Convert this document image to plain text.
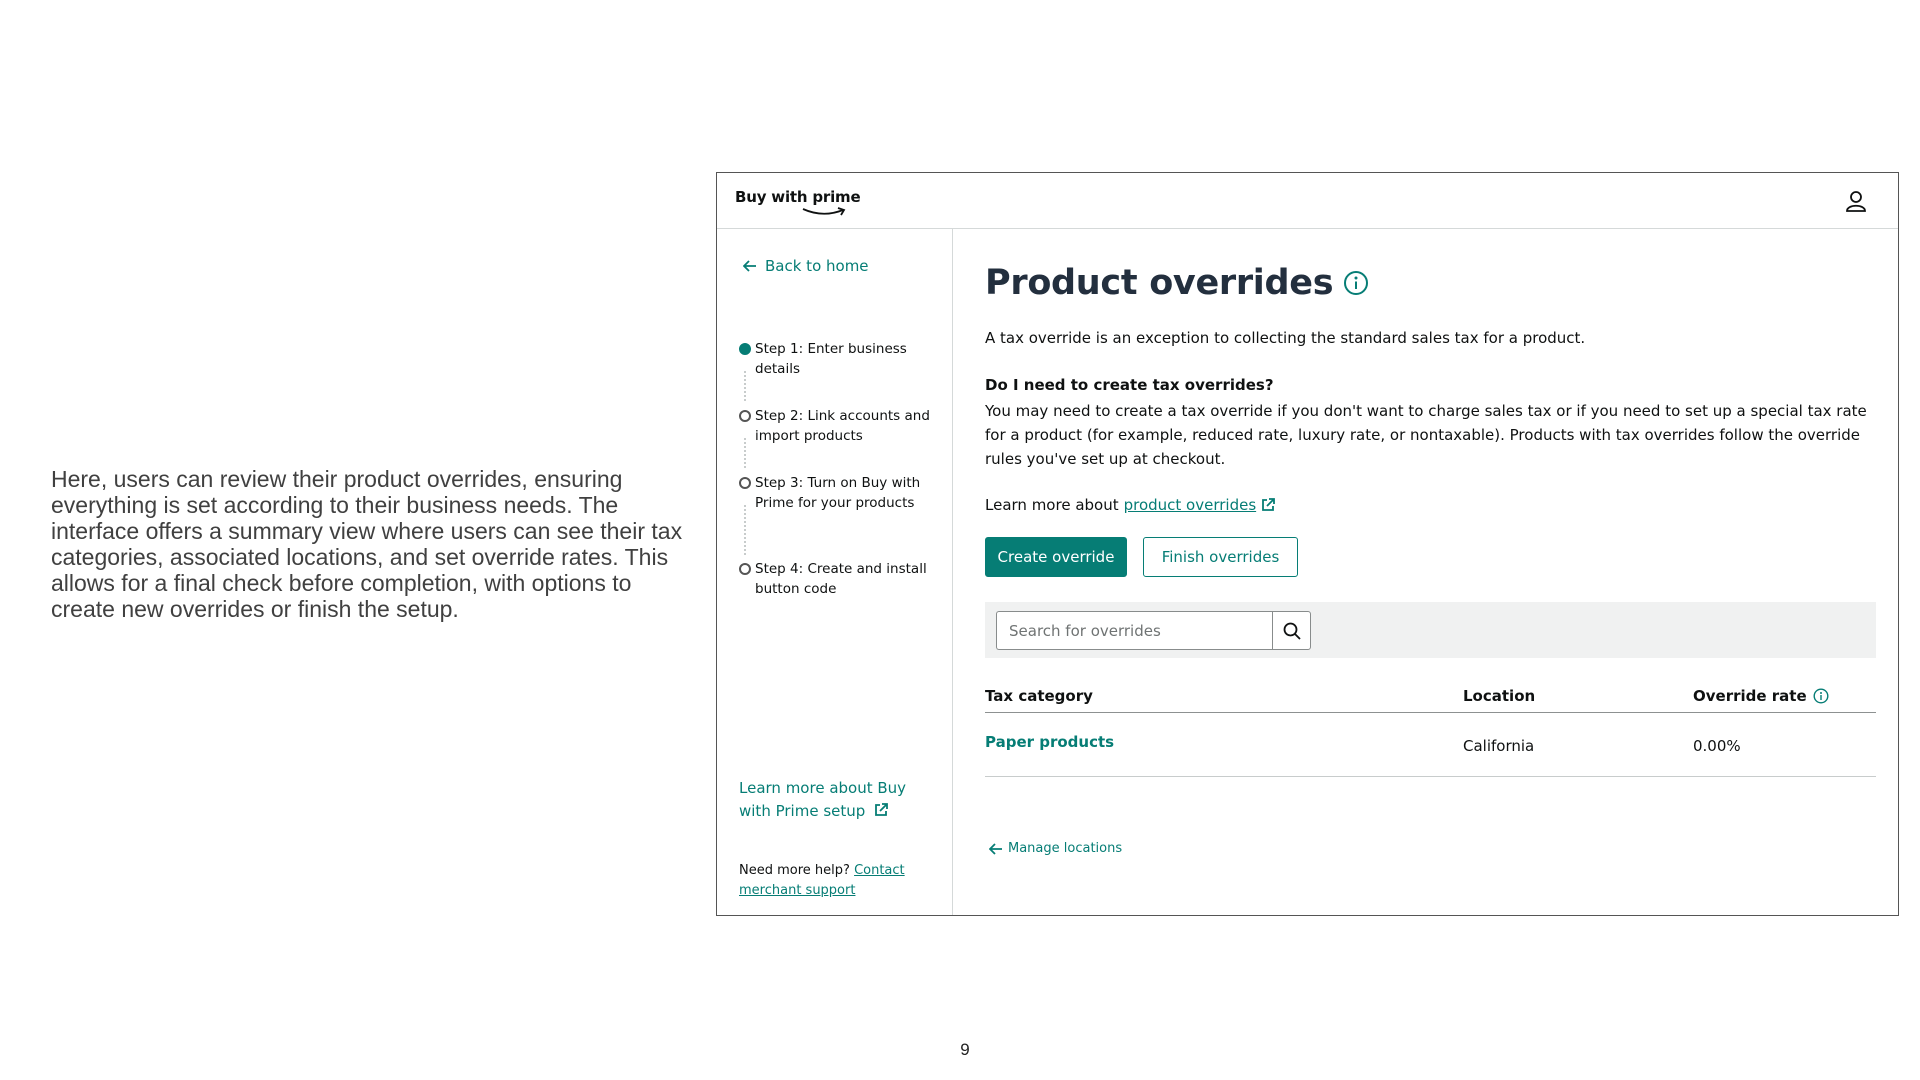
Here, users can review their product overrides, ensuring everything is set according to their business needs. The interface offers a summary view where users can see their tax categories, associated locations, and set override rates. This allows for a final check before completion, with options to create new overrides or finish the setup.
9
Buy with prime
Back to home
Step 1: Enter business details
Step 2: Link accounts and import products
Step 3: Turn on Buy with Prime for your products
Step 4: Create and install button code
Learn more about Buy with Prime setup
Need more help? Contact merchant support
Product overrides
A tax override is an exception to collecting the standard sales tax for a product.
Do I need to create tax overrides?
You may need to create a tax override if you don't want to charge sales tax or if you need to set up a special tax rate for a product (for example, reduced rate, luxury rate, or nontaxable). Products with tax overrides follow the override rules you've set up at checkout.
Learn more about product overrides
Create override	Finish overrides
Search for overrides
Tax category	Location	Override rate
Paper products	California	0.00%
Manage locations
